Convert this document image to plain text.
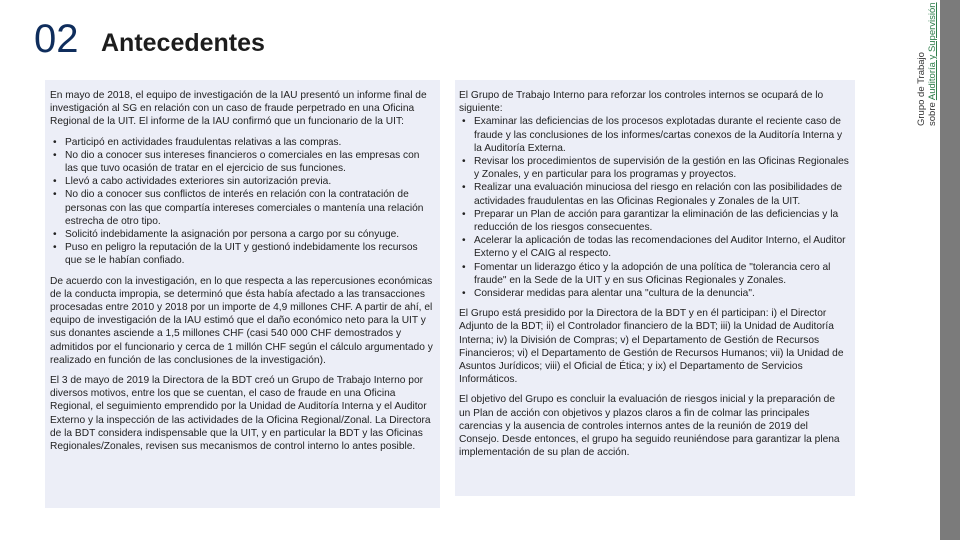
02 Antecedentes

En mayo de 2018, el equipo de investigación de la IAU presentó un informe final de investigación al SG en relación con un caso de fraude perpetrado en una Oficina Regional de la UIT. El informe de la IAU confirmó que un funcionario de la UIT:

• Participó en actividades fraudulentas relativas a las compras.
• No dio a conocer sus intereses financieros o comerciales en las empresas con las que tuvo ocasión de tratar en el ejercicio de sus funciones.
• Llevó a cabo actividades exteriores sin autorización previa.
• No dio a conocer sus conflictos de interés en relación con la contratación de personas con las que compartía intereses comerciales o mantenía una relación estrecha de otro tipo.
• Solicitó indebidamente la asignación por persona a cargo por su cónyuge.
• Puso en peligro la reputación de la UIT y gestionó indebidamente los recursos que se le habían confiado.

De acuerdo con la investigación, en lo que respecta a las repercusiones económicas de la conducta impropia, se determinó que ésta había afectado a las transacciones procesadas entre 2010 y 2018 por un importe de 4,9 millones CHF. A partir de ahí, el equipo de investigación de la IAU estimó que el daño económico neto para la UIT y sus donantes asciende a 1,5 millones CHF (casi 540 000 CHF demostrados y admitidos por el funcionario y cerca de 1 millón CHF según el cálculo argumentado y realizado en función de las conclusiones de la investigación).

El 3 de mayo de 2019 la Directora de la BDT creó un Grupo de Trabajo Interno por diversos motivos, entre los que se cuentan, el caso de fraude en una Oficina Regional, el seguimiento emprendido por la Unidad de Auditoría Interna y el Auditor Externo y la inspección de las actividades de la Oficina Regional/Zonal. La Directora de la BDT considera indispensable que la UIT, y en particular la BDT y las Oficinas Regionales/Zonales, revisen sus mecanismos de control interno lo antes posible.

El Grupo de Trabajo Interno para reforzar los controles internos se ocupará de lo siguiente:

• Examinar las deficiencias de los procesos explotadas durante el reciente caso de fraude y las conclusiones de los informes/cartas conexos de la Auditoría Interna y la Auditoría Externa.
• Revisar los procedimientos de supervisión de la gestión en las Oficinas Regionales y Zonales, y en particular para los programas y proyectos.
• Realizar una evaluación minuciosa del riesgo en relación con las posibilidades de actividades fraudulentas en las Oficinas Regionales y Zonales de la UIT.
• Preparar un Plan de acción para garantizar la eliminación de las deficiencias y la reducción de los riesgos consecuentes.
• Acelerar la aplicación de todas las recomendaciones del Auditor Interno, el Auditor Externo y el CAIG al respecto.
• Fomentar un liderazgo ético y la adopción de una política de "tolerancia cero al fraude" en la Sede de la UIT y en sus Oficinas Regionales y Zonales.
• Considerar medidas para alentar una "cultura de la denuncia".

El Grupo está presidido por la Directora de la BDT y en él participan: i) el Director Adjunto de la BDT; ii) el Controlador financiero de la BDT; iii) la Unidad de Auditoría Interna; iv) la División de Compras; v) el Departamento de Gestión de Recursos Financieros; vi) el Departamento de Gestión de Recursos Humanos; vii) la Unidad de Asuntos Jurídicos; viii) el Oficial de Ética; y ix) el Departamento de Servicios Informáticos.

El objetivo del Grupo es concluir la evaluación de riesgos inicial y la preparación de un Plan de acción con objetivos y plazos claros a fin de colmar las principales carencias y la ausencia de controles internos antes de la reunión de 2019 del Consejo. Desde entonces, el grupo ha seguido reuniéndose para garantizar la plena implementación de su plan de acción.

Grupo de Trabajo sobre Auditoría y Supervisión
